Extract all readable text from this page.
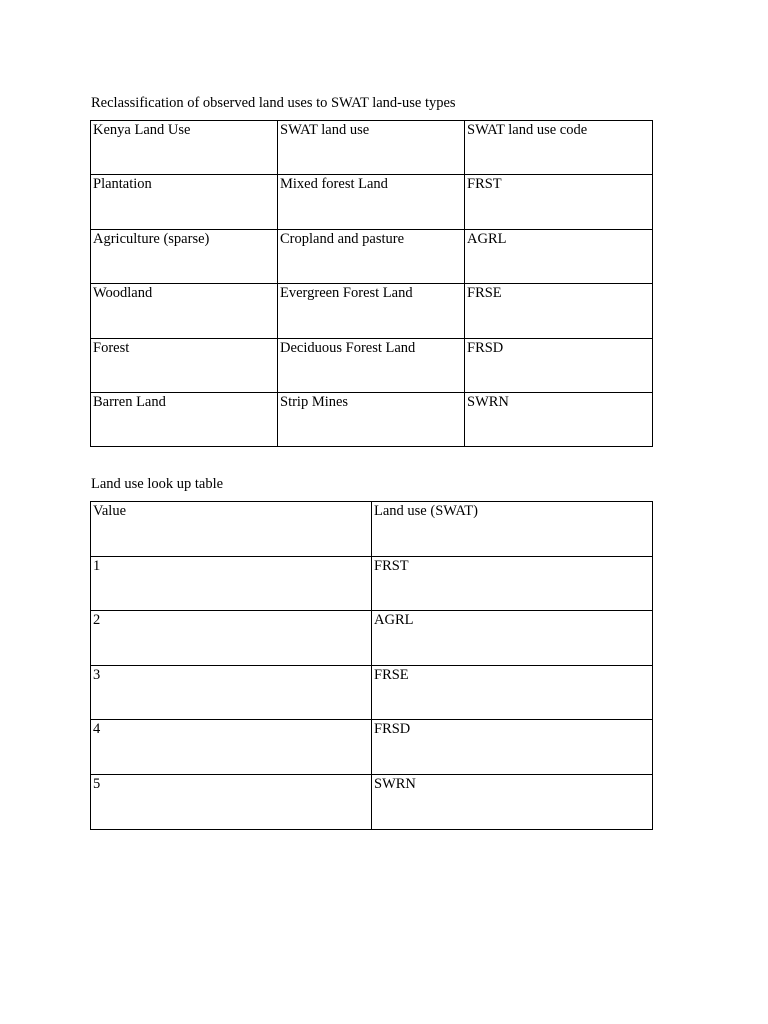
Reclassification of observed land uses to SWAT land-use types
Kenya Land Use	SWAT land use	SWAT land use code
Plantation	Mixed forest Land	FRST
Agriculture (sparse)	Cropland and pasture	AGRL
Woodland	Evergreen Forest Land	FRSE
Forest	Deciduous Forest Land	FRSD
Barren Land	Strip Mines	SWRN
Land use look up table
Value	Land use (SWAT)
1	FRST
2	AGRL
3	FRSE
4	FRSD
5	SWRN
